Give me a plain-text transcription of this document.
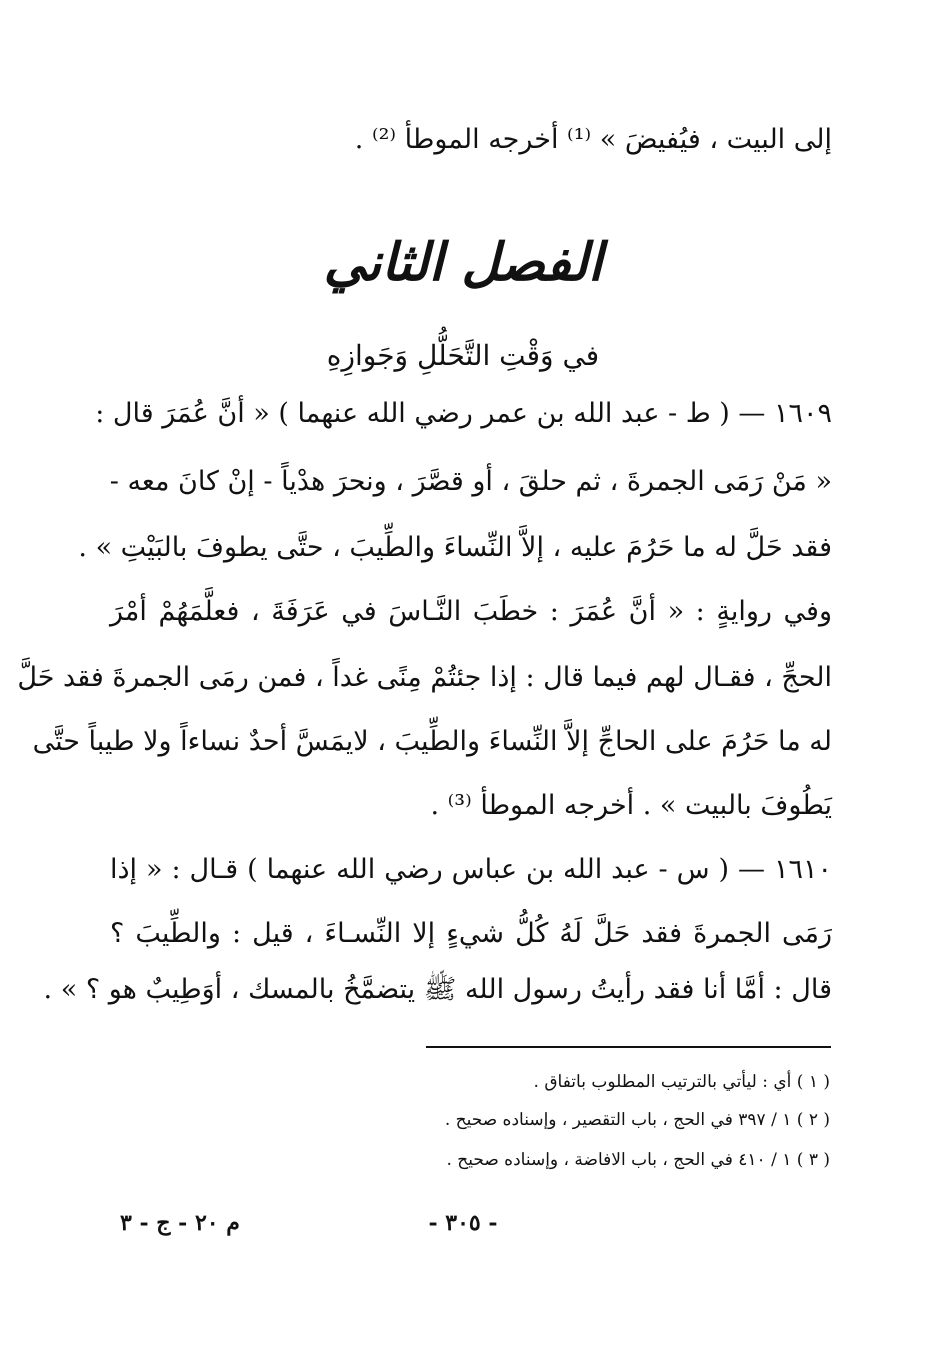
إلى البيت ، فيُفيضَ » ⁽¹⁾ أخرجه الموطأ ⁽²⁾ .
الفصل الثاني
في وَقْتِ التَّحَلُّلِ وَجَوازِهِ
١٦٠٩ — ( ط - عبد الله بن عمر رضي الله عنهما ) « أنَّ عُمَرَ قال :
« مَنْ رَمَى الجمرةَ ، ثم حلقَ ، أو قصَّرَ ، ونحرَ هدْياً - إنْ كانَ معه -
فقد حَلَّ له ما حَرُمَ عليه ، إلاَّ النِّساءَ والطِّيبَ ، حتَّى يطوفَ بالبَيْتِ » .
وفي روايةٍ : « أنَّ عُمَرَ : خطَبَ النَّـاسَ في عَرَفَةَ ، فعلَّمَهُمْ أمْرَ
الحجِّ ، فقـال لهم فيما قال : إذا جئتُمْ مِنًى غداً ، فمن رمَى الجمرةَ فقد حَلَّ
له ما حَرُمَ على الحاجِّ إلاَّ النِّساءَ والطِّيبَ ، لايمَسَّ أحدٌ نساءاً ولا طيباً حتَّى
يَطُوفَ بالبيت » . أخرجه الموطأ ⁽³⁾ .
١٦١٠ — ( س - عبد الله بن عباس رضي الله عنهما ) قـال : « إذا
رَمَى الجمرةَ فقد حَلَّ لَهُ كُلُّ شيءٍ إلا النِّسـاءَ ، قيل : والطِّيبَ ؟
قال : أمَّا أنا فقد رأيتُ رسول الله ﷺ يتضمَّخُ بالمسك ، أوَطِيبٌ هو ؟ » .
( ١ ) أي : ليأتي بالترتيب المطلوب باتفاق .
( ٢ ) ١ / ٣٩٧ في الحج ، باب التقصير ، وإسناده صحيح .
( ٣ ) ١ / ٤١٠ في الحج ، باب الافاضة ، وإسناده صحيح .
- ٣٠٥ -
م ٢٠ - ج - ٣
